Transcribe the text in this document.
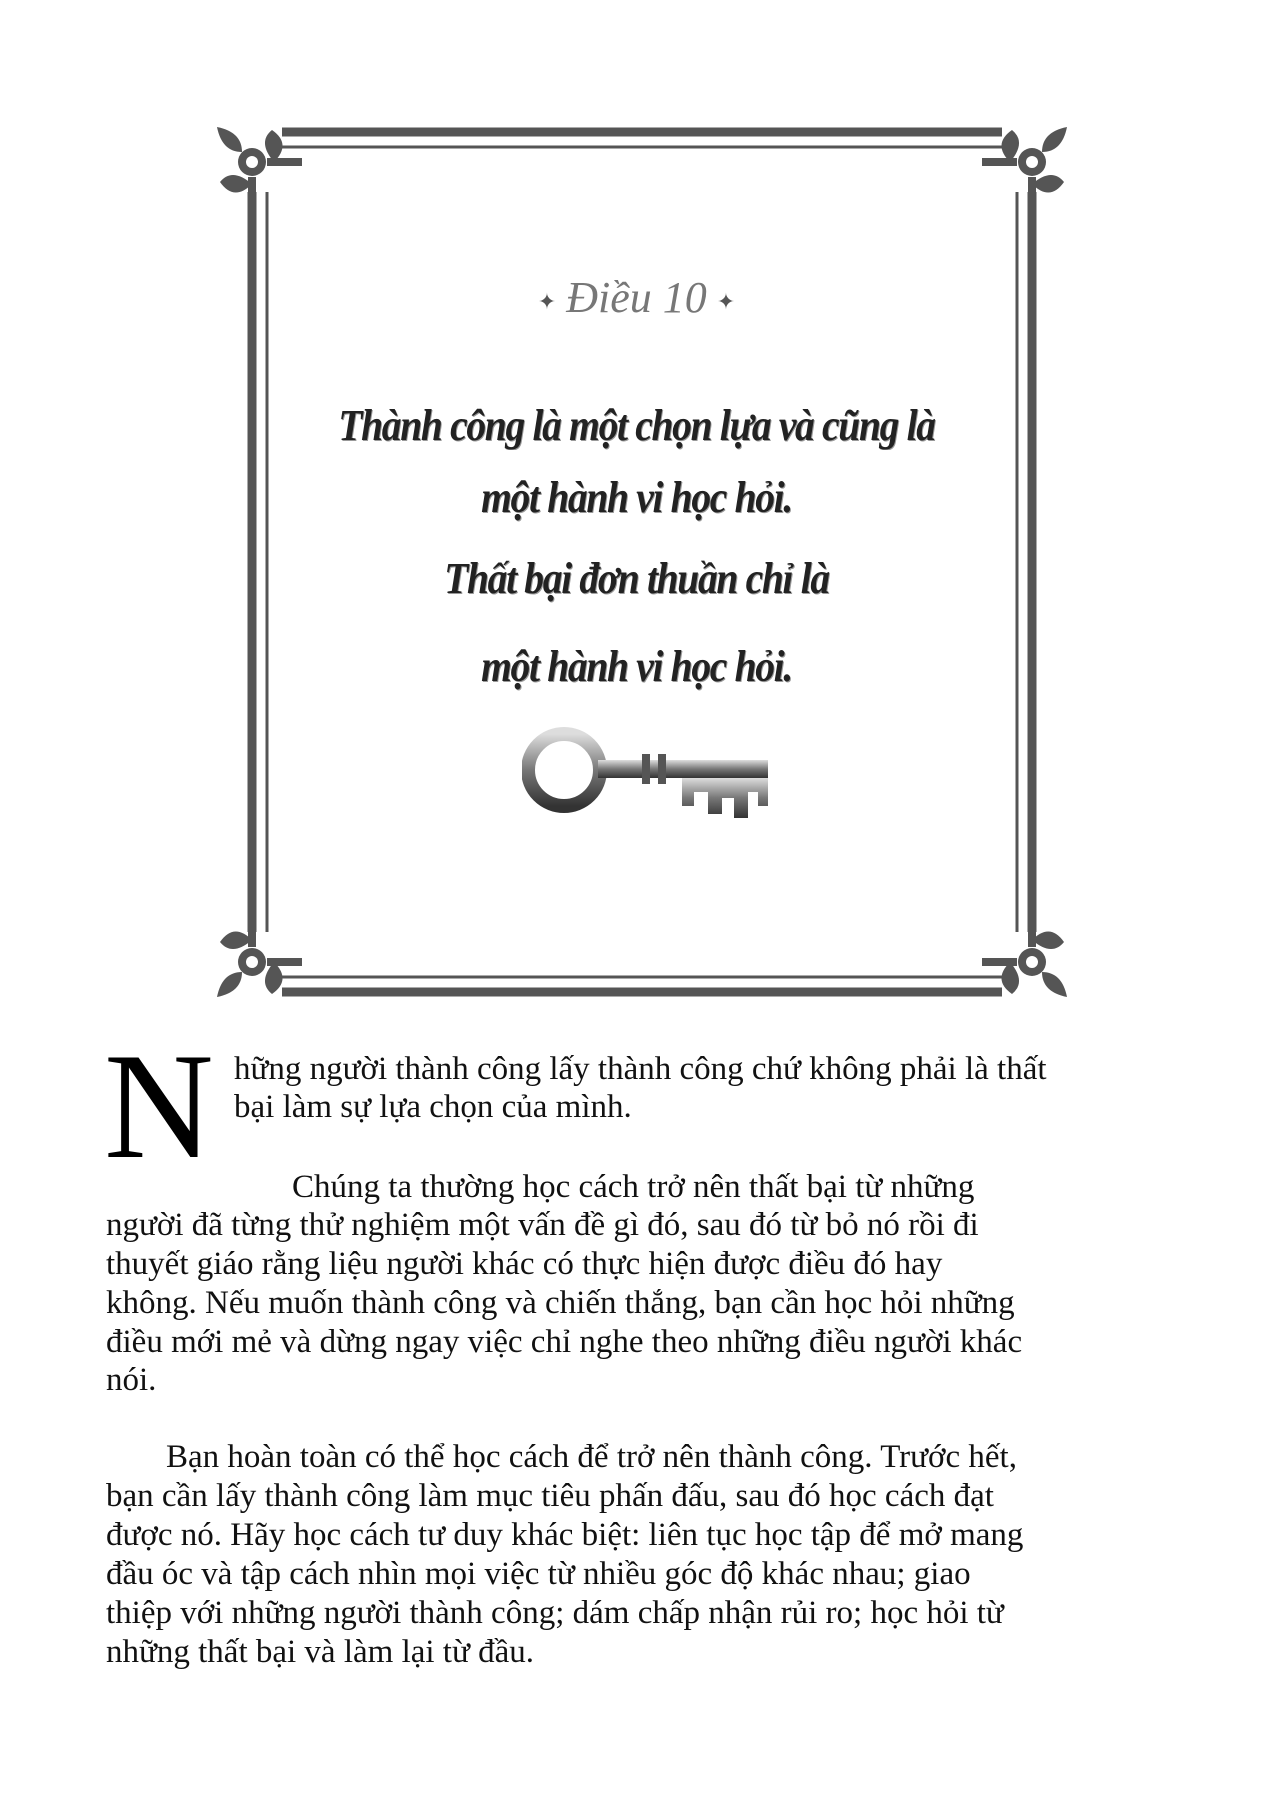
✦ Điều 10 ✦
Thành công là một chọn lựa và cũng là
một hành vi học hỏi.
Thất bại đơn thuần chỉ là
một hành vi học hỏi.
N hững người thành công lấy thành công chứ không phải là thất
bại làm sự lựa chọn của mình.
Chúng ta thường học cách trở nên thất bại từ những
người đã từng thử nghiệm một vấn đề gì đó, sau đó từ bỏ nó rồi đi
thuyết giáo rằng liệu người khác có thực hiện được điều đó hay
không. Nếu muốn thành công và chiến thắng, bạn cần học hỏi những
điều mới mẻ và dừng ngay việc chỉ nghe theo những điều người khác
nói.
Bạn hoàn toàn có thể học cách để trở nên thành công. Trước hết,
bạn cần lấy thành công làm mục tiêu phấn đấu, sau đó học cách đạt
được nó. Hãy học cách tư duy khác biệt: liên tục học tập để mở mang
đầu óc và tập cách nhìn mọi việc từ nhiều góc độ khác nhau; giao
thiệp với những người thành công; dám chấp nhận rủi ro; học hỏi từ
những thất bại và làm lại từ đầu.
